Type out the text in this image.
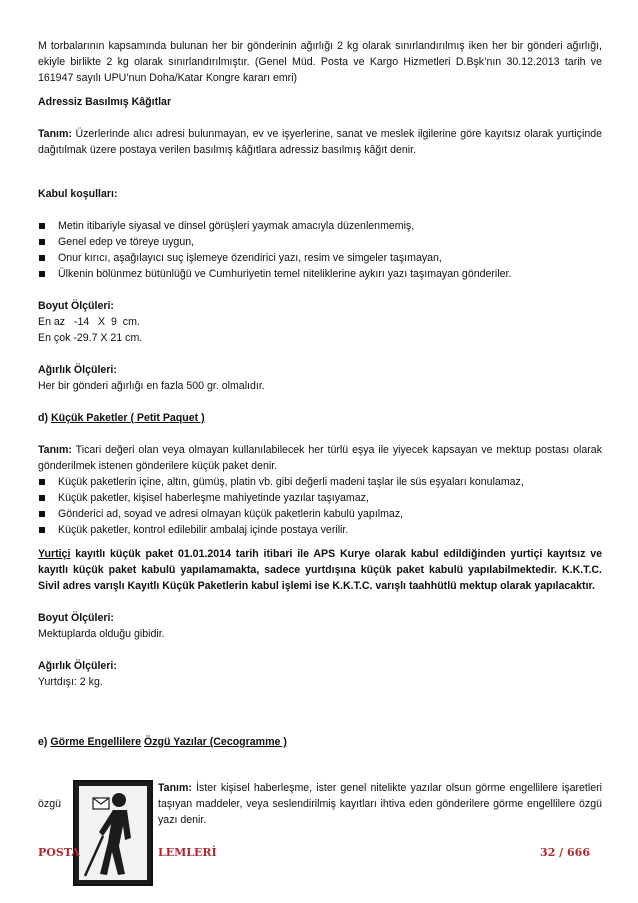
M torbalarının kapsamında bulunan her bir gönderinin ağırlığı 2 kg olarak sınırlandırılmış iken her bir gönderi ağırlığı, ekiyle birlikte 2 kg olarak sınırlandırılmıştır. (Genel Müd. Posta ve Kargo Hizmetleri D.Bşk’nın 30.12.2013 tarih ve 161947 sayılı UPU’nun Doha/Katar Kongre kararı emri)

Adressiz Basılmış Kâğıtlar

Tanım: Üzerlerinde alıcı adresi bulunmayan, ev ve işyerlerine, sanat ve meslek ilgilerine göre kayıtsız olarak yurtiçinde dağıtılmak üzere postaya verilen basılmış kâğıtlara adressiz basılmış kâğıt denir.

Kabul koşulları:

Metin itibariyle siyasal ve dinsel görüşleri yaymak amacıyla düzenlenmemiş,
Genel edep ve töreye uygun,
Onur kırıcı, aşağılayıcı suç işlemeye özendirici yazı, resim ve simgeler taşımayan,
Ülkenin bölünmez bütünlüğü ve Cumhuriyetin temel niteliklerine aykırı yazı taşımayan gönderiler.

Boyut Ölçüleri:

En az   -14   X  9  cm.

En çok -29.7 X 21 cm.

Ağırlık Ölçüleri:

Her bir gönderi ağırlığı en fazla 500 gr. olmalıdır.

d) Küçük Paketler ( Petit Paquet )

Tanım: Ticari değeri olan veya olmayan kullanılabilecek her türlü eşya ile yiyecek kapsayan ve mektup postası olarak gönderilmek istenen gönderilere küçük paket denir.

Küçük paketlerin içine, altın, gümüş, platin vb. gibi değerli madeni taşlar ile süs eşyaları konulamaz,
Küçük paketler, kişisel haberleşme mahiyetinde yazılar taşıyamaz,
Gönderici ad, soyad ve adresi olmayan küçük paketlerin kabulü yapılmaz,
Küçük paketler, kontrol edilebilir ambalaj içinde postaya verilir.

Yurtiçi kayıtlı küçük paket 01.01.2014 tarih itibari ile APS Kurye olarak kabul edildiğinden yurtiçi kayıtsız ve kayıtlı küçük paket kabulü yapılamamakta, sadece yurtdışına küçük paket kabulü yapılabilmektedir. K.K.T.C. Sivil adres varışlı Kayıtlı Küçük Paketlerin kabul işlemi ise K.K.T.C. varışlı taahhütlü mektup olarak yapılacaktır.

Boyut Ölçüleri:

Mektuplarda olduğu gibidir.

Ağırlık Ölçüleri:

Yurtdışı: 2 kg.

e) Görme Engellilere Özgü Yazılar (Cecogramme )

özgü

Tanım: İster kişisel haberleşme, ister genel nitelikte yazılar olsun görme engellilere işaretleri taşıyan maddeler, veya seslendirilmiş kayıtları ihtiva eden gönderilere görme engellilere özgü yazı denir.

POSTA	LEMLERİ	32 / 666
